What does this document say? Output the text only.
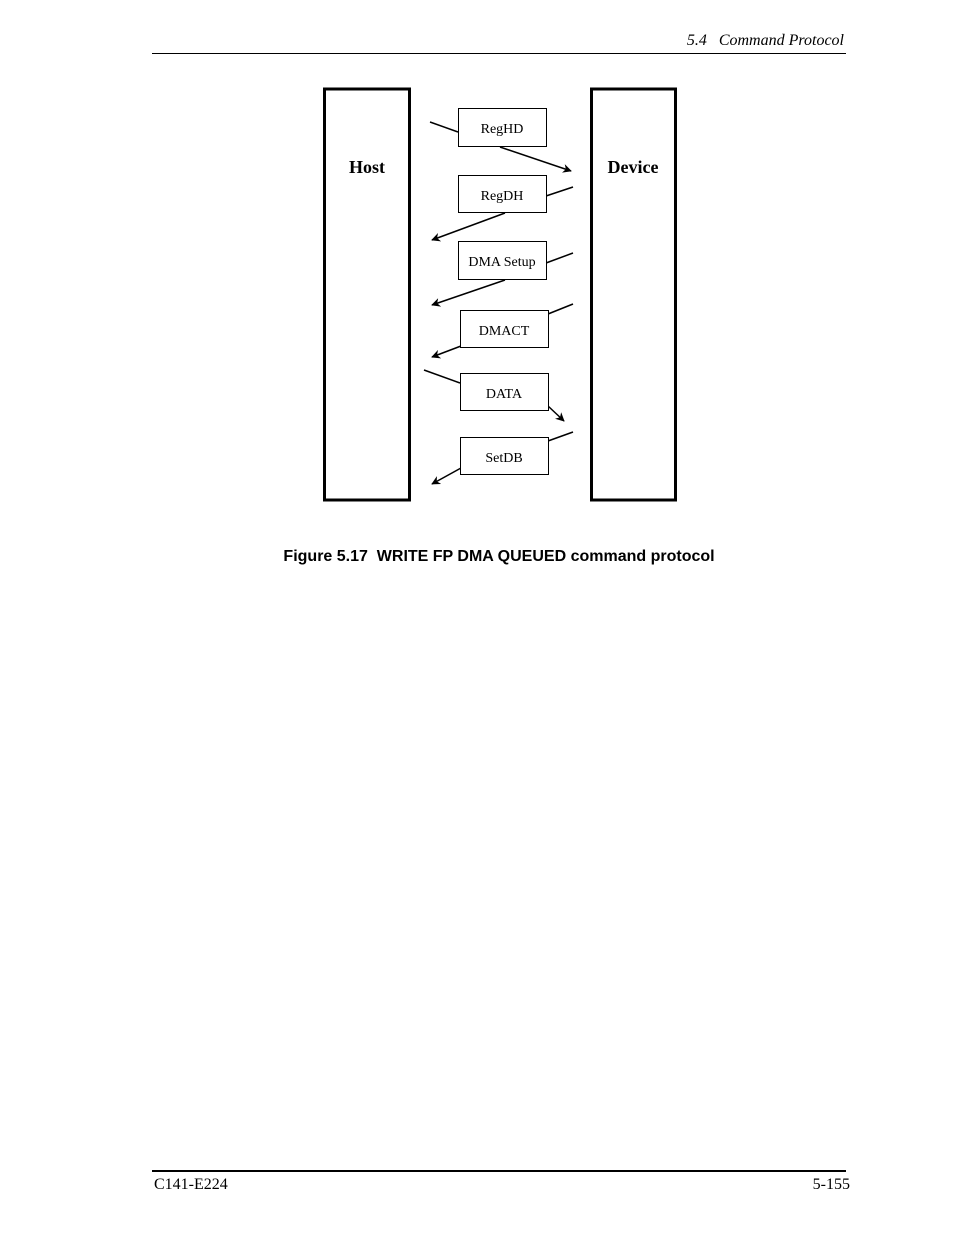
5.4   Command Protocol
Host	Device
RegHD
RegDH
DMA Setup
DMACT
DATA
SetDB
Figure 5.17  WRITE FP DMA QUEUED command protocol
C141-E224	5-155
